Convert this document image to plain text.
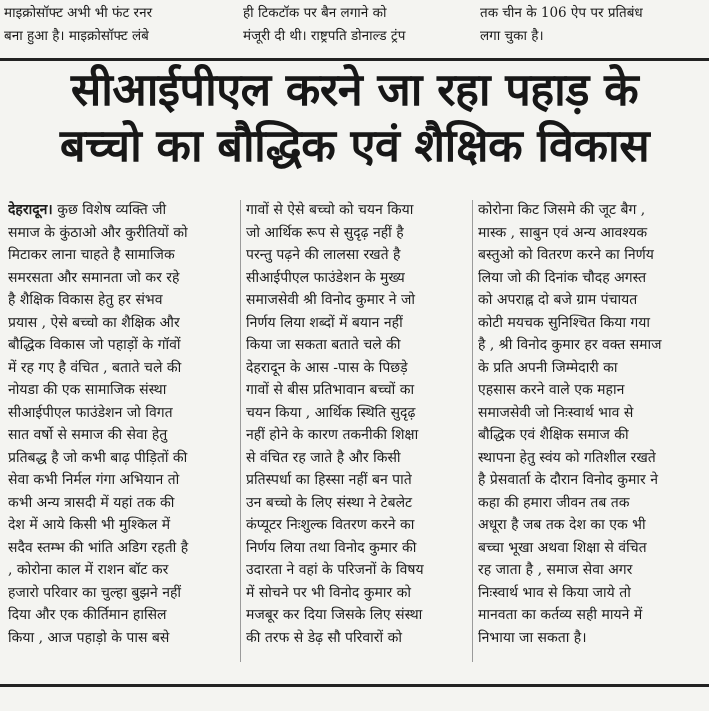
माइक्रोसॉफ्ट अभी भी फंट रनर
बना हुआ है। माइक्रोसॉफ्ट लंबे
ही टिकटॉक पर बैन लगाने को
मंजूरी दी थी। राष्ट्रपति डोनाल्ड ट्रंप
तक चीन के 106 ऐप पर प्रतिबंध
लगा चुका है।
सीआईपीएल करने जा रहा पहाड़ के
बच्चो का बौद्धिक एवं शैक्षिक विकास
देहरादून। कुछ विशेष व्यक्ति जी
समाज के कुंठाओ और कुरीतियों को
मिटाकर लाना चाहते है सामाजिक
समरसता और समानता जो कर रहे
है शैक्षिक विकास हेतु हर संभव
प्रयास , ऐसे बच्चो का शैक्षिक और
बौद्धिक विकास जो पहाड़ों के गॉवों
में रह गए है वंचित , बताते चले की
नोयडा की एक सामाजिक संस्था
सीआईपीएल फाउंडेशन जो विगत
सात वर्षो से समाज की सेवा हेतु
प्रतिबद्ध है जो कभी बाढ़ पीड़ितों की
सेवा कभी निर्मल गंगा अभियान तो
कभी अन्य त्रासदी में यहां तक की
देश में आये किसी भी मुश्किल में
सदैव स्तम्भ की भांति अडिग रहती है
, कोरोना काल में राशन बॉट कर
हजारो परिवार का चुल्हा बुझने नहीं
दिया और एक कीर्तिमान हासिल
किया , आज पहाड़ो के पास बसे
गावों से ऐसे बच्चो को चयन किया
जो आर्थिक रूप से सुदृढ़ नहीं है
परन्तु पढ़ने की लालसा रखते है
सीआईपीएल फाउंडेशन के मुख्य
समाजसेवी श्री विनोद कुमार ने जो
निर्णय लिया शब्दों में बयान नहीं
किया जा सकता बताते चले की
देहरादून के आस -पास के पिछड़े
गावों से बीस प्रतिभावान बच्चों का
चयन किया , आर्थिक स्थिति सुदृढ़
नहीं होने के कारण तकनीकी शिक्षा
से वंचित रह जाते है और किसी
प्रतिस्पर्धा का हिस्सा नहीं बन पाते
उन बच्चो के लिए संस्था ने टेबलेट
कंप्यूटर निःशुल्क वितरण करने का
निर्णय लिया तथा विनोद कुमार की
उदारता ने वहां के परिजनों के विषय
में सोचने पर भी विनोद कुमार को
मजबूर कर दिया जिसके लिए संस्था
की तरफ से डेढ़ सौ परिवारों को
कोरोना किट जिसमे की जूट बैग ,
मास्क , साबुन एवं अन्य आवश्यक
बस्तुओ को वितरण करने का निर्णय
लिया जो की दिनांक चौदह अगस्त
को अपराह्न दो बजे ग्राम पंचायत
कोटी मयचक सुनिश्चित किया गया
है , श्री विनोद कुमार हर वक्त समाज
के प्रति अपनी जिम्मेदारी का
एहसास करने वाले एक महान
समाजसेवी जो निःस्वार्थ भाव से
बौद्धिक एवं शैक्षिक समाज की
स्थापना हेतु स्वंय को गतिशील रखते
है प्रेसवार्ता के दौरान विनोद कुमार ने
कहा की हमारा जीवन तब तक
अधूरा है जब तक देश का एक भी
बच्चा भूखा अथवा शिक्षा से वंचित
रह जाता है , समाज सेवा अगर
निःस्वार्थ भाव से किया जाये तो
मानवता का कर्तव्य सही मायने में
निभाया जा सकता है।
